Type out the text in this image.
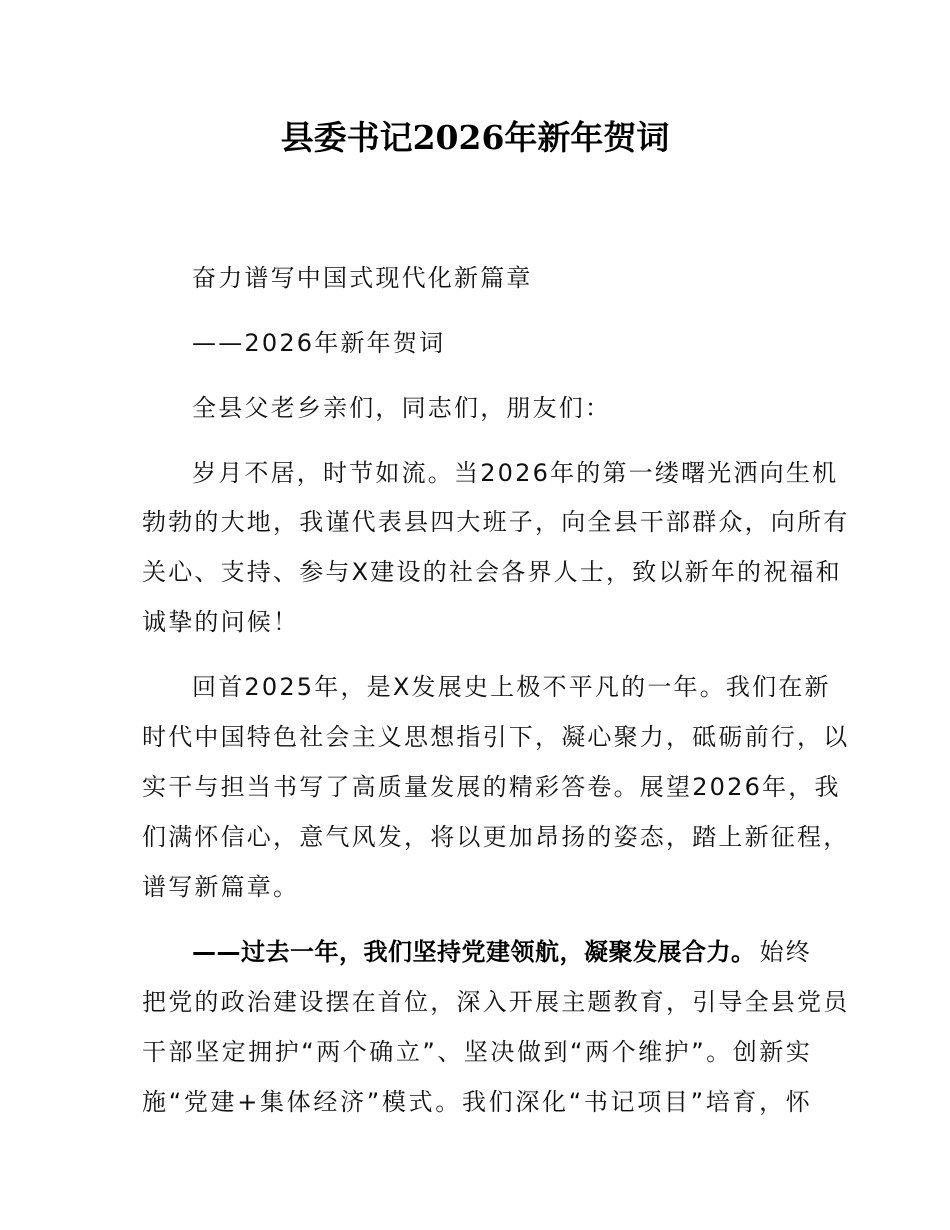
县委书记2026年新年贺词
奋力谱写中国式现代化新篇章
——2026年新年贺词
全县父老乡亲们，同志们，朋友们：
岁月不居，时节如流。当2026年的第一缕曙光洒向生机
勃勃的大地，我谨代表县四大班子，向全县干部群众，向所有
关心、支持、参与X建设的社会各界人士，致以新年的祝福和
诚挚的问候！
回首2025年，是X发展史上极不平凡的一年。我们在新
时代中国特色社会主义思想指引下，凝心聚力，砥砺前行，以
实干与担当书写了高质量发展的精彩答卷。展望2026年，我
们满怀信心，意气风发，将以更加昂扬的姿态，踏上新征程，
谱写新篇章。
——过去一年，我们坚持党建领航，凝聚发展合力。 始终
把党的政治建设摆在首位，深入开展主题教育，引导全县党员
干部坚定拥护“两个确立”、坚决做到“两个维护”。创新实
施“党建+集体经济”模式。我们深化“书记项目”培育，怀
